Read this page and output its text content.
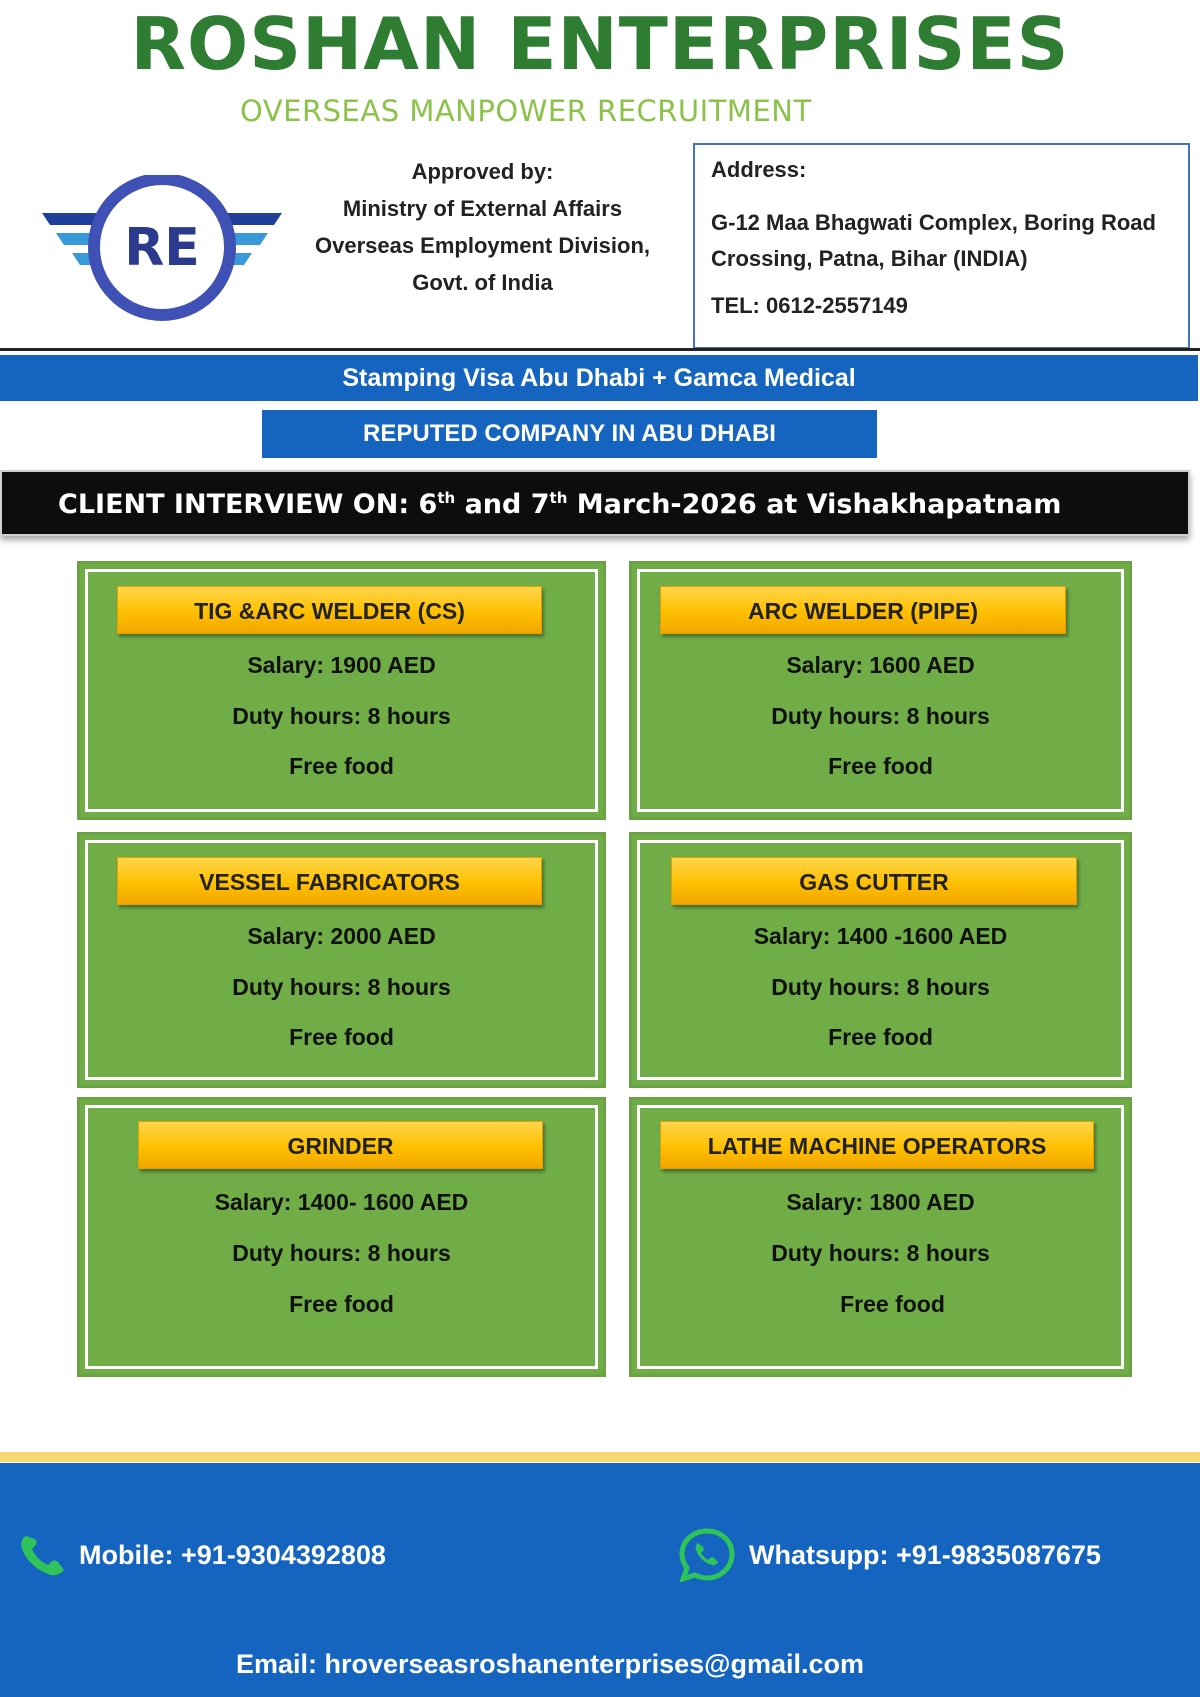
ROSHAN ENTERPRISES
OVERSEAS MANPOWER RECRUITMENT
RE
Approved by:
Ministry of External Affairs
Overseas Employment Division,
Govt. of India
Address:
G-12 Maa Bhagwati Complex, Boring Road Crossing, Patna, Bihar (INDIA)
TEL: 0612-2557149
Stamping Visa Abu Dhabi + Gamca Medical
REPUTED COMPANY IN ABU DHABI
CLIENT INTERVIEW ON: 6th and 7th March-2026 at Vishakhapatnam
TIG &ARC WELDER (CS)
Salary: 1900 AED
Duty hours: 8 hours
Free food
ARC WELDER (PIPE)
Salary: 1600 AED
Duty hours: 8 hours
Free food
VESSEL FABRICATORS
Salary: 2000 AED
Duty hours: 8 hours
Free food
GAS CUTTER
Salary: 1400 -1600 AED
Duty hours: 8 hours
Free food
GRINDER
Salary: 1400- 1600 AED
Duty hours: 8 hours
Free food
LATHE MACHINE OPERATORS
Salary: 1800 AED
Duty hours: 8 hours
Free food
Mobile: +91-9304392808	Whatsupp: +91-9835087675
Email: hroverseasroshanenterprises@gmail.com
